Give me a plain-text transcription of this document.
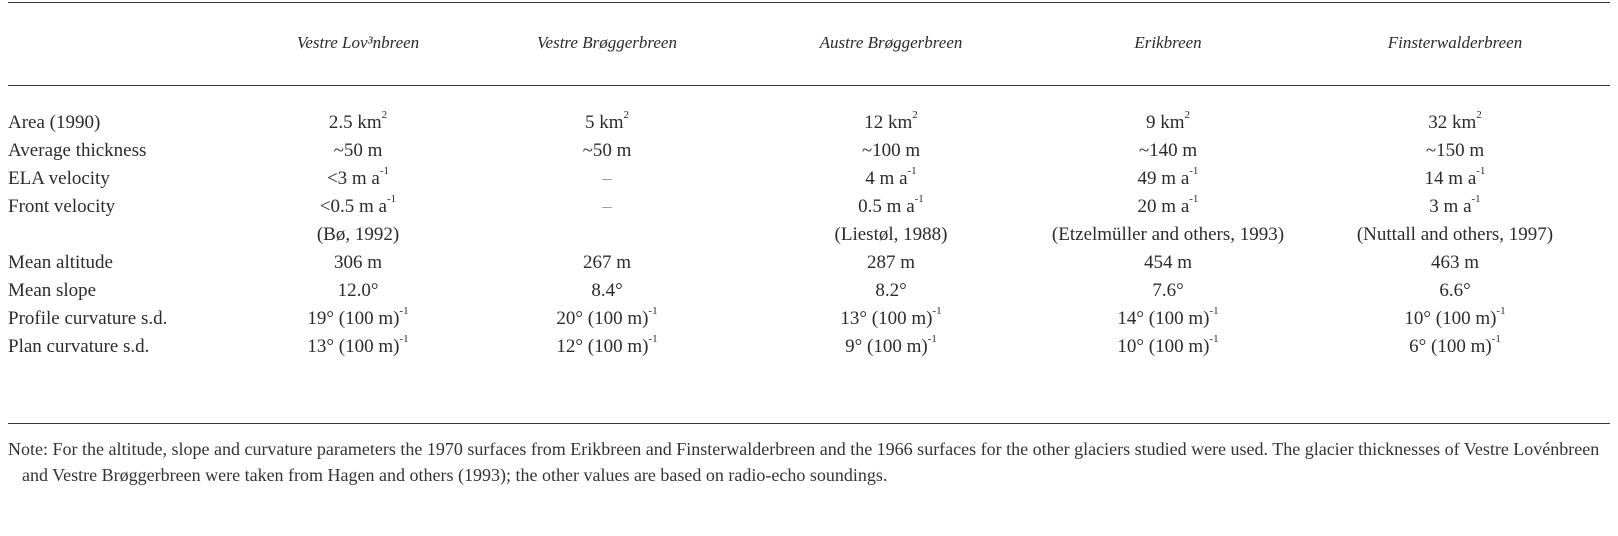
	Vestre Lov³nbreen	Vestre Brøggerbreen	Austre Brøggerbreen	Erikbreen	Finsterwalderbreen

Area (1990)	2.5 $km^2$	5 $km^2$	12 $km^2$	9 $km^2$	32 $km^2$
Average thickness	~50 m	~50 m	~100 m	~140 m	~150 m
ELA velocity	<3 m $a^{-1}$	–	4 m $a^{-1}$	49 m $a^{-1}$	14 m $a^{-1}$
Front velocity	<0.5 m $a^{-1}$	–	0.5 m $a^{-1}$	20 m $a^{-1}$	3 m $a^{-1}$
	(Bø, 1992)		(Liestøl, 1988)	(Etzelmüller and others, 1993)	(Nuttall and others, 1997)
Mean altitude	306 m	267 m	287 m	454 m	463 m
Mean slope	12.0°	8.4°	8.2°	7.6°	6.6°
Profile curvature s.d.	19° (100 m)$^{-1}$	20° (100 m)$^{-1}$	13° (100 m)$^{-1}$	14° (100 m)$^{-1}$	10° (100 m)$^{-1}$
Plan curvature s.d.	13° (100 m)$^{-1}$	12° (100 m)$^{-1}$	9° (100 m)$^{-1}$	10° (100 m)$^{-1}$	6° (100 m)$^{-1}$

Note: For the altitude, slope and curvature parameters the 1970 surfaces from Erikbreen and Finsterwalderbreen and the 1966 surfaces for the other glaciers studied were used. The glacier thicknesses of Vestre Lovénbreen and Vestre Brøggerbreen were taken from Hagen and others (1993); the other values are based on radio-echo soundings.
